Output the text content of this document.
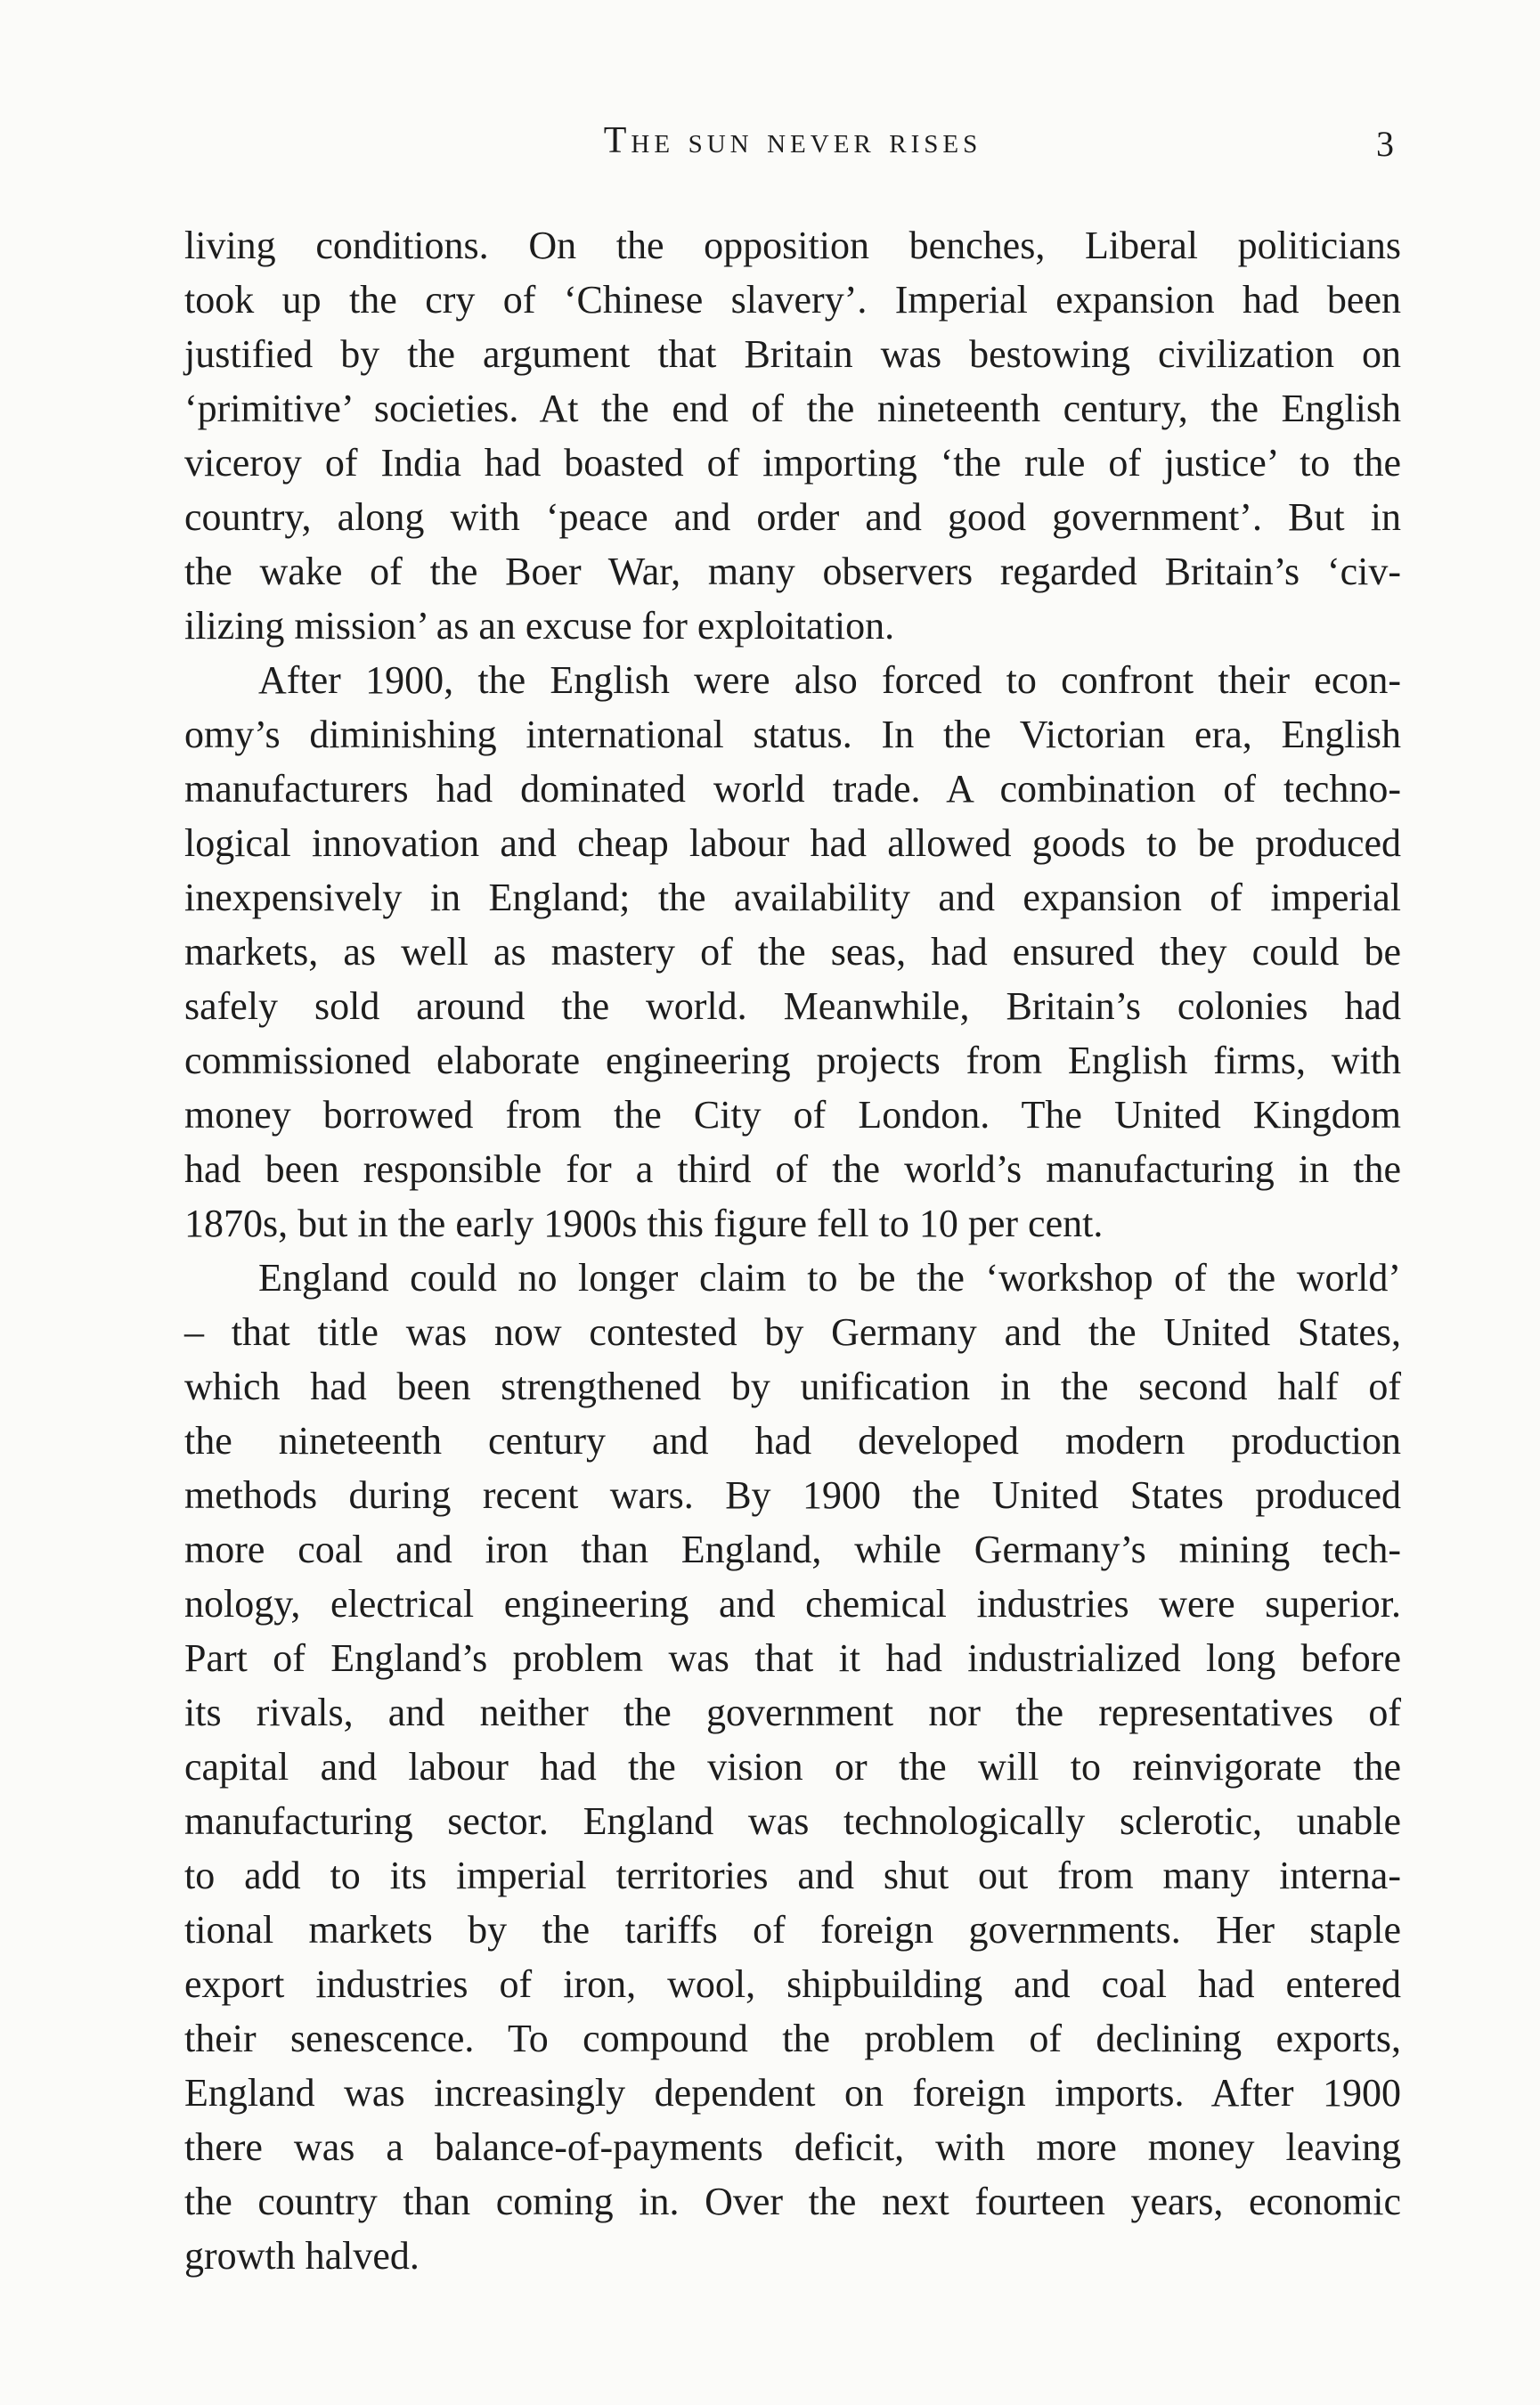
The sun never rises	3
living conditions. On the opposition benches, Liberal politicians
took up the cry of ‘Chinese slavery’. Imperial expansion had been
justified by the argument that Britain was bestowing civilization on
‘primitive’ societies. At the end of the nineteenth century, the English
viceroy of India had boasted of importing ‘the rule of justice’ to the
country, along with ‘peace and order and good government’. But in
the wake of the Boer War, many observers regarded Britain’s ‘civ-
ilizing mission’ as an excuse for exploitation.
After 1900, the English were also forced to confront their econ-
omy’s diminishing international status. In the Victorian era, English
manufacturers had dominated world trade. A combination of techno-
logical innovation and cheap labour had allowed goods to be produced
inexpensively in England; the availability and expansion of imperial
markets, as well as mastery of the seas, had ensured they could be
safely sold around the world. Meanwhile, Britain’s colonies had
commissioned elaborate engineering projects from English firms, with
money borrowed from the City of London. The United Kingdom
had been responsible for a third of the world’s manufacturing in the
1870s, but in the early 1900s this figure fell to 10 per cent.
England could no longer claim to be the ‘workshop of the world’
– that title was now contested by Germany and the United States,
which had been strengthened by unification in the second half of
the nineteenth century and had developed modern production
methods during recent wars. By 1900 the United States produced
more coal and iron than England, while Germany’s mining tech-
nology, electrical engineering and chemical industries were superior.
Part of England’s problem was that it had industrialized long before
its rivals, and neither the government nor the representatives of
capital and labour had the vision or the will to reinvigorate the
manufacturing sector. England was technologically sclerotic, unable
to add to its imperial territories and shut out from many interna-
tional markets by the tariffs of foreign governments. Her staple
export industries of iron, wool, shipbuilding and coal had entered
their senescence. To compound the problem of declining exports,
England was increasingly dependent on foreign imports. After 1900
there was a balance-of-payments deficit, with more money leaving
the country than coming in. Over the next fourteen years, economic
growth halved.
